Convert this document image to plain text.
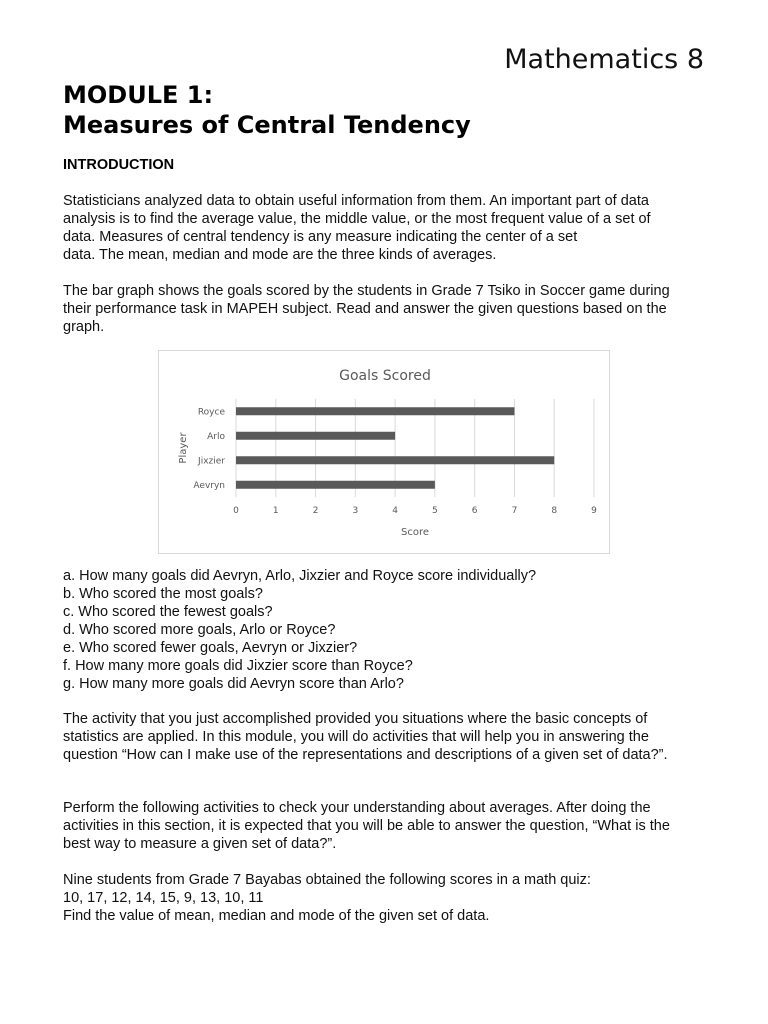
Mathematics 8
MODULE 1:
Measures of Central Tendency
INTRODUCTION

Statisticians analyzed data to obtain useful information from them. An important part of data
analysis is to find the average value, the middle value, or the most frequent value of a set of
data. Measures of central tendency is any measure indicating the center of a set
data. The mean, median and mode are the three kinds of averages.

The bar graph shows the goals scored by the students in Grade 7 Tsiko in Soccer game during
their performance task in MAPEH subject. Read and answer the given questions based on the
graph.

Goals Scored
Royce
Arlo
Jixzier
Aevryn
0	1	2	3	4	5	6	7	8	9
Score
Player
a. How many goals did Aevryn, Arlo, Jixzier and Royce score individually?
b. Who scored the most goals?
c. Who scored the fewest goals?
d. Who scored more goals, Arlo or Royce?
e. Who scored fewer goals, Aevryn or Jixzier?
f. How many more goals did Jixzier score than Royce?
g. How many more goals did Aevryn score than Arlo?

The activity that you just accomplished provided you situations where the basic concepts of
statistics are applied. In this module, you will do activities that will help you in answering the
question “How can I make use of the representations and descriptions of a given set of data?”.

Perform the following activities to check your understanding about averages. After doing the
activities in this section, it is expected that you will be able to answer the question, “What is the
best way to measure a given set of data?”.

Nine students from Grade 7 Bayabas obtained the following scores in a math quiz:
10, 17, 12, 14, 15, 9, 13, 10, 11
Find the value of mean, median and mode of the given set of data.
